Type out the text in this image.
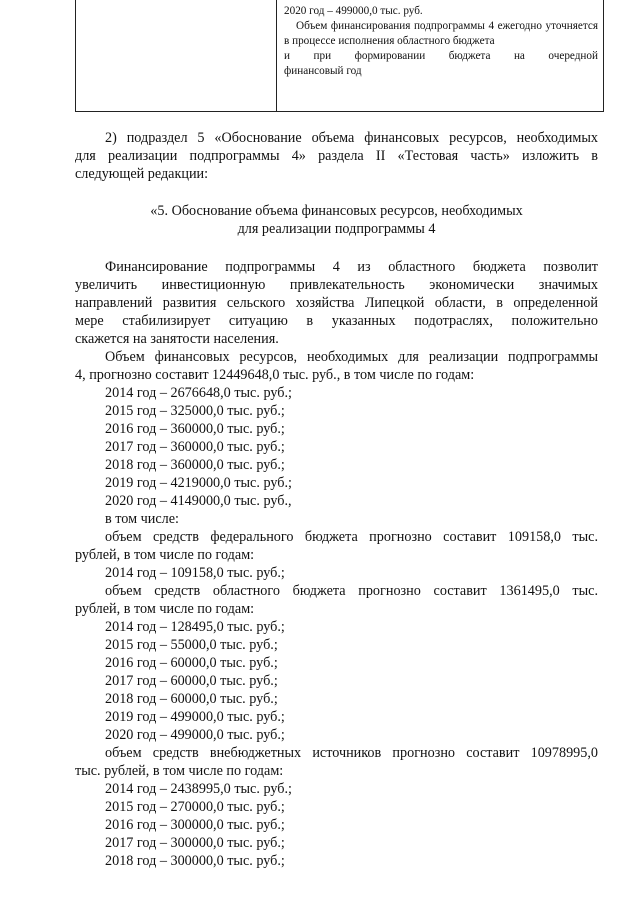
2020 год – 499000,0 тыс. руб.

Объем финансирования подпрограммы 4 ежегодно уточняется в процессе исполнения областного бюджета

и при формировании бюджета на очередной

финансовый год

2) подраздел 5 «Обоснование объема финансовых ресурсов, необходимых

для реализации подпрограммы 4» раздела II «Тестовая часть» изложить в

следующей редакции:

«5. Обоснование объема финансовых ресурсов, необходимых

для реализации подпрограммы 4

Финансирование подпрограммы 4 из областного бюджета позволит

увеличить инвестиционную привлекательность экономически значимых

направлений развития сельского хозяйства Липецкой области, в определенной

мере стабилизирует ситуацию в указанных подотраслях, положительно

скажется на занятости населения.

Объем финансовых ресурсов, необходимых для реализации подпрограммы

4, прогнозно составит 12449648,0 тыс. руб., в том числе по годам:

2014 год – 2676648,0 тыс. руб.;

2015 год – 325000,0 тыс. руб.;

2016 год – 360000,0 тыс. руб.;

2017 год – 360000,0 тыс. руб.;

2018 год – 360000,0 тыс. руб.;

2019 год – 4219000,0 тыс. руб.;

2020 год – 4149000,0 тыс. руб.,

в том числе:

объем средств федерального бюджета прогнозно составит 109158,0 тыс.

рублей, в том числе по годам:

2014 год – 109158,0 тыс. руб.;

объем средств областного бюджета прогнозно составит 1361495,0 тыс.

рублей, в том числе по годам:

2014 год – 128495,0 тыс. руб.;

2015 год – 55000,0 тыс. руб.;

2016 год – 60000,0 тыс. руб.;

2017 год – 60000,0 тыс. руб.;

2018 год – 60000,0 тыс. руб.;

2019 год – 499000,0 тыс. руб.;

2020 год – 499000,0 тыс. руб.;

объем средств внебюджетных источников прогнозно составит 10978995,0

тыс. рублей, в том числе по годам:

2014 год – 2438995,0 тыс. руб.;

2015 год – 270000,0 тыс. руб.;

2016 год – 300000,0 тыс. руб.;

2017 год – 300000,0 тыс. руб.;

2018 год – 300000,0 тыс. руб.;
